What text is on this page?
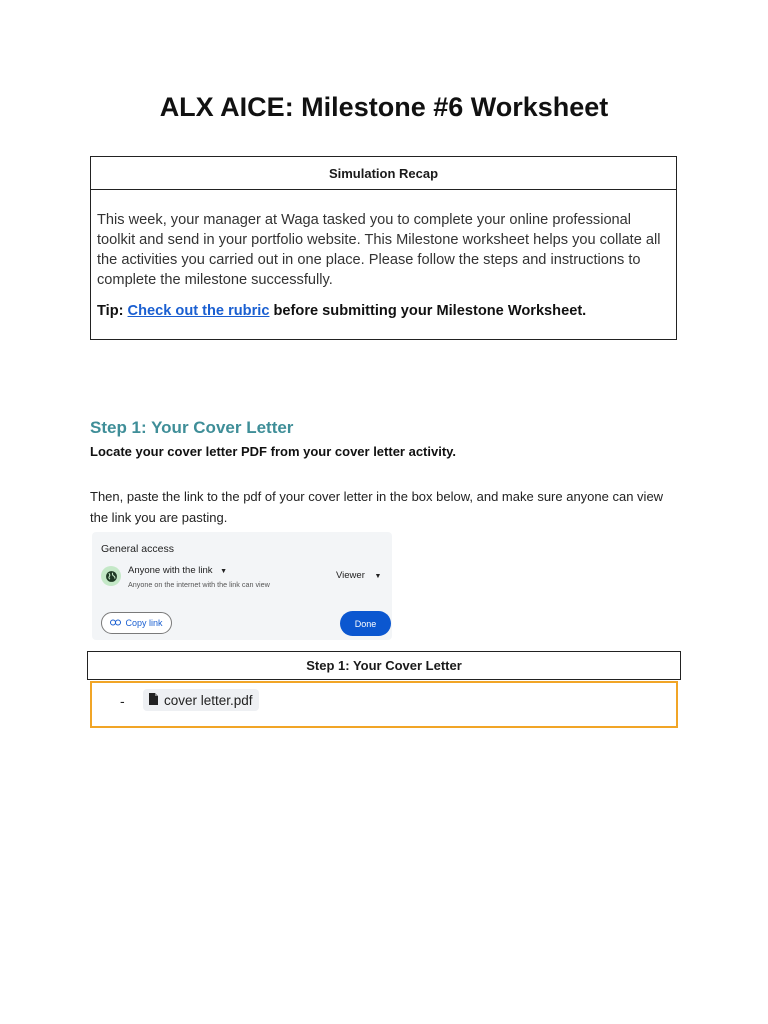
ALX AICE: Milestone #6 Worksheet
Simulation Recap

This week, your manager at Waga tasked you to complete your online professional toolkit and send in your portfolio website. This Milestone worksheet helps you collate all the activities you carried out in one place. Please follow the steps and instructions to complete the milestone successfully.

Tip: Check out the rubric before submitting your Milestone Worksheet.

Step 1: Your Cover Letter

Locate your cover letter PDF from your cover letter activity.

Then, paste the link to the pdf of your cover letter in the box below, and make sure anyone can view the link you are pasting.

General access
Anyone with the link ▼
Anyone on the internet with the link can view
Viewer ▼
Copy link	Done
Step 1: Your Cover Letter
-	cover letter.pdf
